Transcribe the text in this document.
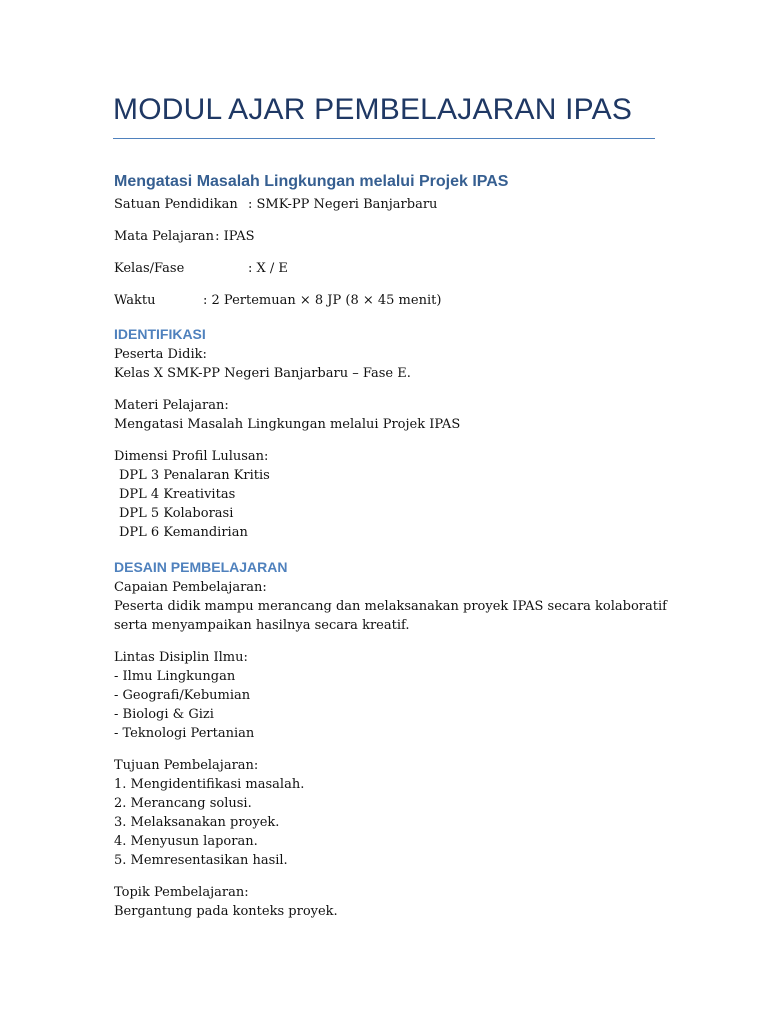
MODUL AJAR PEMBELAJARAN IPAS
Mengatasi Masalah Lingkungan melalui Projek IPAS
Satuan Pendidikan : SMK-PP Negeri Banjarbaru
Mata Pelajaran : IPAS
Kelas/Fase	: X / E
Waktu	: 2 Pertemuan × 8 JP (8 × 45 menit)
IDENTIFIKASI
Peserta Didik:
Kelas X SMK-PP Negeri Banjarbaru – Fase E.
Materi Pelajaran:
Mengatasi Masalah Lingkungan melalui Projek IPAS
Dimensi Profil Lulusan:
DPL 3 Penalaran Kritis
DPL 4 Kreativitas
DPL 5 Kolaborasi
DPL 6 Kemandirian
DESAIN PEMBELAJARAN
Capaian Pembelajaran:
Peserta didik mampu merancang dan melaksanakan proyek IPAS secara kolaboratif serta menyampaikan hasilnya secara kreatif.
Lintas Disiplin Ilmu:
- Ilmu Lingkungan
- Geografi/Kebumian
- Biologi & Gizi
- Teknologi Pertanian
Tujuan Pembelajaran:
1. Mengidentifikasi masalah.
2. Merancang solusi.
3. Melaksanakan proyek.
4. Menyusun laporan.
5. Memresentasikan hasil.
Topik Pembelajaran:
Bergantung pada konteks proyek.
